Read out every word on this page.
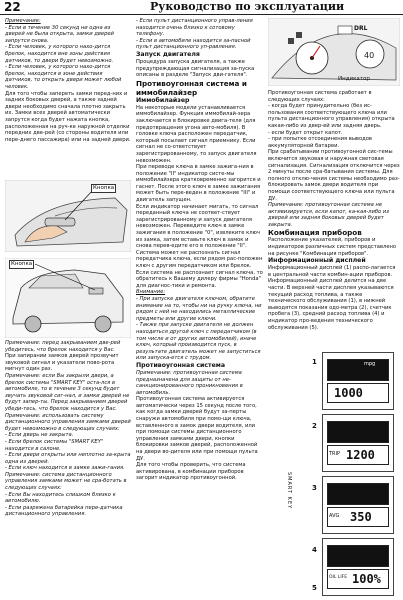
22	Руководство по эксплуатации

Примечание:

- Если в течение 30 секунд ни одна из дверей не была открыта, замки дверей запрутся снова.

- Если человек, у которого нахо-дится брелок, находится вне зоны действия датчиков, то двери будет невозможно.

- Если человек, у которого нахо-дится брелок, находится в зоне действия датчиков, то открыть двери может любой человек.

Для того чтобы запереть замки перед-них и задних боковых дверей, а также задней двери необходимо сначала плотно закрыть их. Замки всех дверей автоматически запрутся когда будет нажата кнопка, расположенная на руч-ке наружной отделки передних две-рей (со стороны водителя или пере-днего пассажира) или на задней двери.

Кнопка
Кнопка

Примечание: перед закрыванием две-рей убедитесь, что брелок находится у Вас.

При запирании замков дверей прозвучит звуковой сигнал и указатели пово-рота мигнут один раз.

Примечание: если Вы закрыли двери, а брелок системы "SMART KEY" оста-лся в автомобиле, то в течение 3 секунд будет звучать звуковой сиг-нал, и замки дверей не будут запер-ты. Перед закрыванием дверей убеди-тесь, что брелок находится у Вас.

Примечание: использовать систему дистанционного управления замками дверей будет невозможно в следующих случаях:

- Если дверь не закрыта.

- Если брелок системы "SMART KEY" находится в салоне.

- Если двери открыты или неплотно за-крыта одна из дверей.

- Если ключ находится в замке зажи-гания.

Примечание: система дистанционного управления замками может не сра-ботать в следующих случаях:

- Если Вы находитесь слишком близко к автомобилю.

- Если разряжена батарейка пере-датчика дистанционного управления.

- Если пульт дистанционного управ-ления находится очень близко к сотовому телефону.

- Если в автомобиле находится за-пасной пульт дистанционного уп-равления.

Запуск двигателя

Процедура запуска двигателя, а также предупреждающая сигнализация за-пуска описаны в разделе "Запуск дви-гателя".

Противоугонная система и иммобилайзер

Иммобилайзер

На некоторые модели устанавливается иммобилайзер. Функция иммобилай-зера заключается в блокировке двига-теля (для предотвращения угона авто-мобиля). В головке ключа расположен передатчик, который посылает сигнал приемнику. Если сигнал не со-ответствует зарегистрированному, то запуск двигателя невозможен.

При переводе ключа в замке зажига-ния в положение "II" индикатор систе-мы иммобилайзера кратковременно загорится и гаснет. После этого ключ в замке зажигания может быть пере-веден в положение "III" и двигатель запущен.

Если индикатор начинает мигать, то сигнал переданный ключа не соответ-ствует зарегистрированному и запуск двигателя невозможен. Переведите ключ в замке зажигания в положение "0", извлеките ключ из замка, затем вставьте ключ в замок и снова перев-едите его в положение "II".

Система может не распознать сигнал передатчика ключа, если рядом рас-положен ключ с другим передатчиком или брелок.

Если система не распознает сигнал ключа, то обратитесь к Вашему дилеру фирмы "Honda" для диагнос-тики и ремонта.

Внимание:

- При запуске двигателя ключом, обратите внимание на то, чтобы ни на ручку ключа, ни рядом с ней не находились металлические предметы или другие ключи.

- Также при запуске двигателя не должен находиться другой ключ с передатчиком (в том числе и от других автомобилей), иначе ключ, который производится пуск, в результате двигатель может не запуститься или запуска-ется с трудом.

Противоугонная система

Примечание: противоугонная система предназначена для защиты от не-санкционированного проникновения в автомобиль.

Противоугонная система активируется автоматически через 15 секунд после того, как когда замки дверей будут за-перты снаружи автомобиля при помо-щи ключа, вставленного в замок двери водителя, или при помощи системы дистанционного управления замками двери, кнопки блокировки замков дверей, расположенной на двери во-дителя или при помощи пульта ДУ.

Для того чтобы проверить, что система активирована, в комбинации приборов загорит индикатор противоугонной.

40
DRL
Индикатор

Противоугонная система сработает в следующих случаях:

- когда будет принудительно (без ис-пользования соответствующего ключа или пульта дистанционного управления) открыта какая-либо из двер-ей или задняя дверь.

- если будет открыт капот.

- при попытке отсоединения выводов аккумуляторной батареи.

При срабатывании противоугонной сис-темы включится звуковая и наружная световая сигнализация. Сигнализация отключится через 2 минуты после сра-батывания системы. Для полного отклю-чения системы необходимо раз-блокировать замок двери водителя при помощи соответствующего ключа или пульта ДУ.

Примечание: противоугонная система не активизируется, если капот, ка-кая-либо из дверей или задняя боковых дверей будет закрыта.

Комбинация приборов

Расположение указателей, приборов и индикаторов различных систем представлено на рисунке "Комбинация приборов".

Информационный дисплей

Информационный дисплей (1) распо-лагается в центральной части комбин-ации приборов.

Информационный дисплей делится на две части. В верхней части дисплея указываются текущий расход топлива, а также технического обслуживания (1), в нижней выводятся показания одо-метра (2), счетчик пробега (3), средний расход топлива (4) и индикатор про-ведения технического обслуживания (5).

mpg
1000
TRIP 1200
AVG 350
OIL LIFE 100%
1
2
3
4
5
SMART KEY
